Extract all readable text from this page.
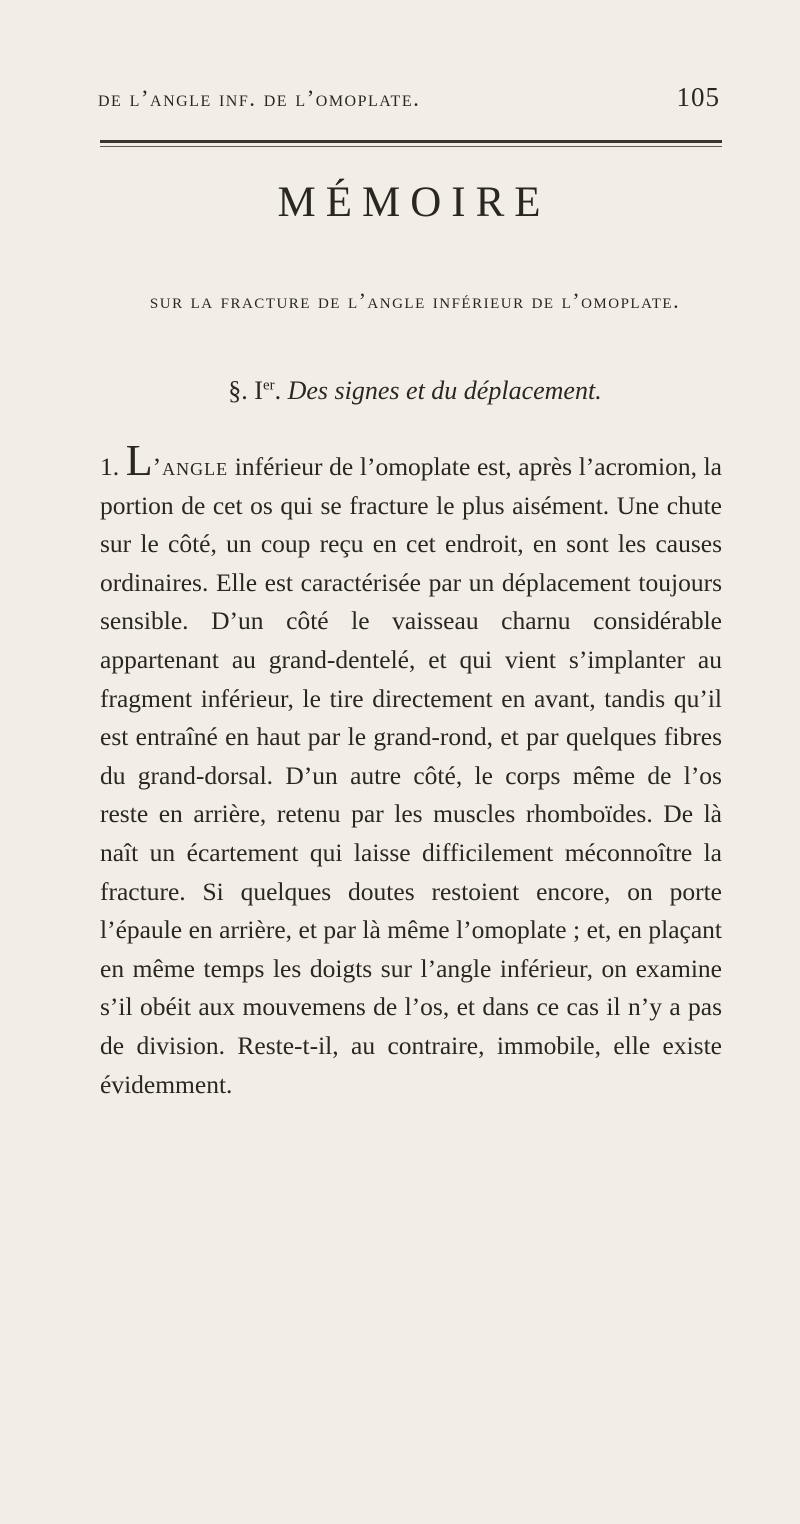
de l’angle inf. de l’omoplate.	105
MÉMOIRE
sur la fracture de l’angle inférieur de l’omoplate.
§. Ier. Des signes et du déplacement.

1. L’angle inférieur de l’omoplate est, après l’acromion, la portion de cet os qui se fracture le plus aisément. Une chute sur le côté, un coup reçu en cet endroit, en sont les causes ordinaires. Elle est caractérisée par un déplacement toujours sensible. D’un côté le vaisseau charnu considérable appartenant au grand-dentelé, et qui vient s’implanter au fragment inférieur, le tire directement en avant, tandis qu’il est entraîné en haut par le grand-rond, et par quelques fibres du grand-dorsal. D’un autre côté, le corps même de l’os reste en arrière, retenu par les muscles rhomboïdes. De là naît un écartement qui laisse difficilement méconnoître la fracture. Si quelques doutes restoient encore, on porte l’épaule en arrière, et par là même l’omoplate ; et, en plaçant en même temps les doigts sur l’angle inférieur, on examine s’il obéit aux mouvemens de l’os, et dans ce cas il n’y a pas de division. Reste-t-il, au contraire, immobile, elle existe évidemment.
